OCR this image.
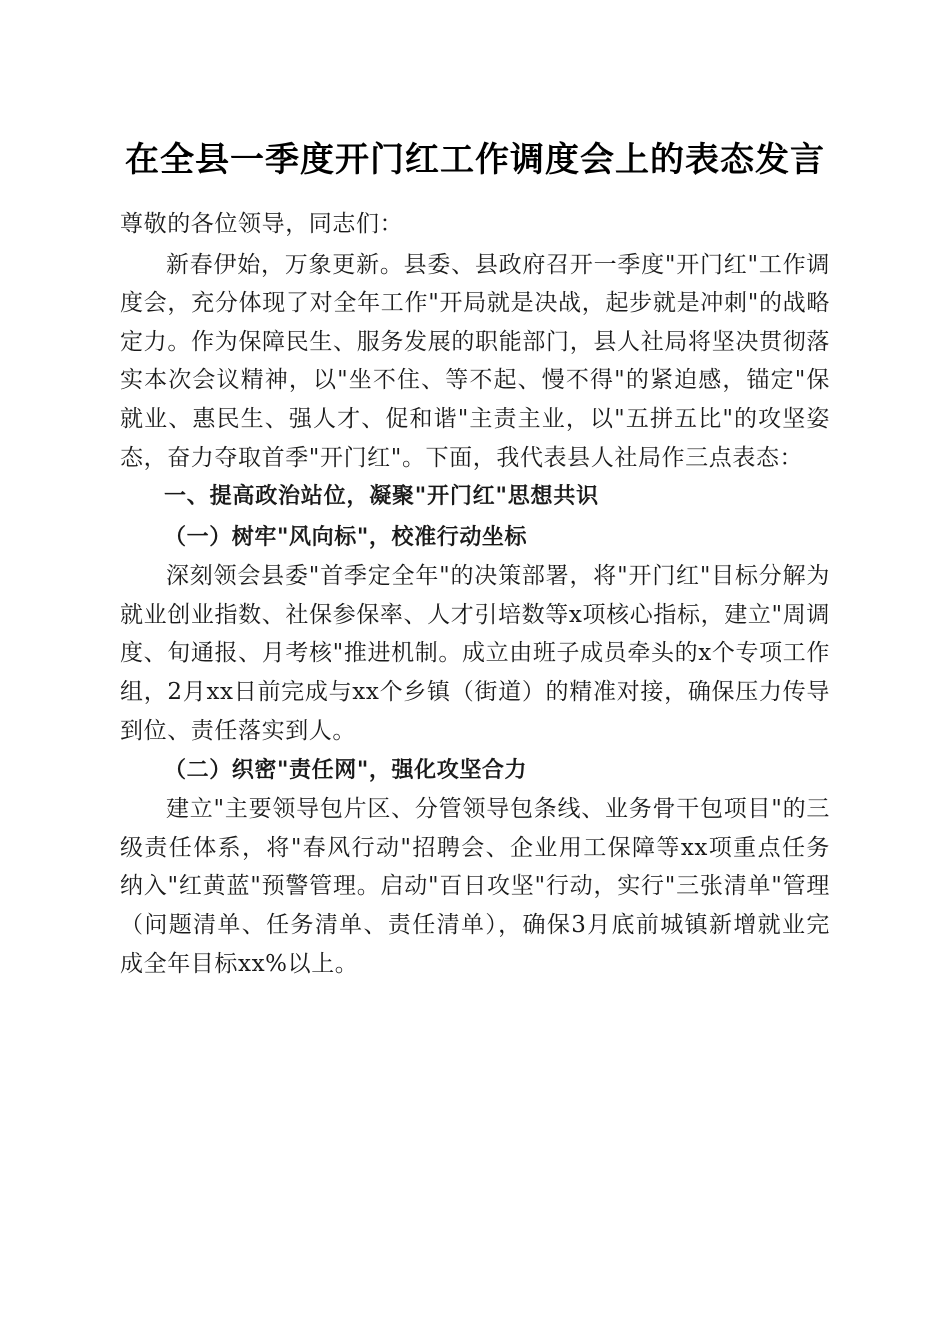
在全县一季度开门红工作调度会上的表态发言

尊敬的各位领导，同志们：

新春伊始，万象更新。县委、县政府召开一季度"开门红"工作调度会，充分体现了对全年工作"开局就是决战，起步就是冲刺"的战略定力。作为保障民生、服务发展的职能部门，县人社局将坚决贯彻落实本次会议精神，以"坐不住、等不起、慢不得"的紧迫感，锚定"保就业、惠民生、强人才、促和谐"主责主业，以"五拼五比"的攻坚姿态，奋力夺取首季"开门红"。下面，我代表县人社局作三点表态：

一、提高政治站位，凝聚"开门红"思想共识

（一）树牢"风向标"，校准行动坐标

深刻领会县委"首季定全年"的决策部署，将"开门红"目标分解为就业创业指数、社保参保率、人才引培数等x项核心指标，建立"周调度、旬通报、月考核"推进机制。成立由班子成员牵头的x个专项工作组，2月xx日前完成与xx个乡镇（街道）的精准对接，确保压力传导到位、责任落实到人。

（二）织密"责任网"，强化攻坚合力

建立"主要领导包片区、分管领导包条线、业务骨干包项目"的三级责任体系，将"春风行动"招聘会、企业用工保障等xx项重点任务纳入"红黄蓝"预警管理。启动"百日攻坚"行动，实行"三张清单"管理（问题清单、任务清单、责任清单），确保3月底前城镇新增就业完成全年目标xx%以上。
